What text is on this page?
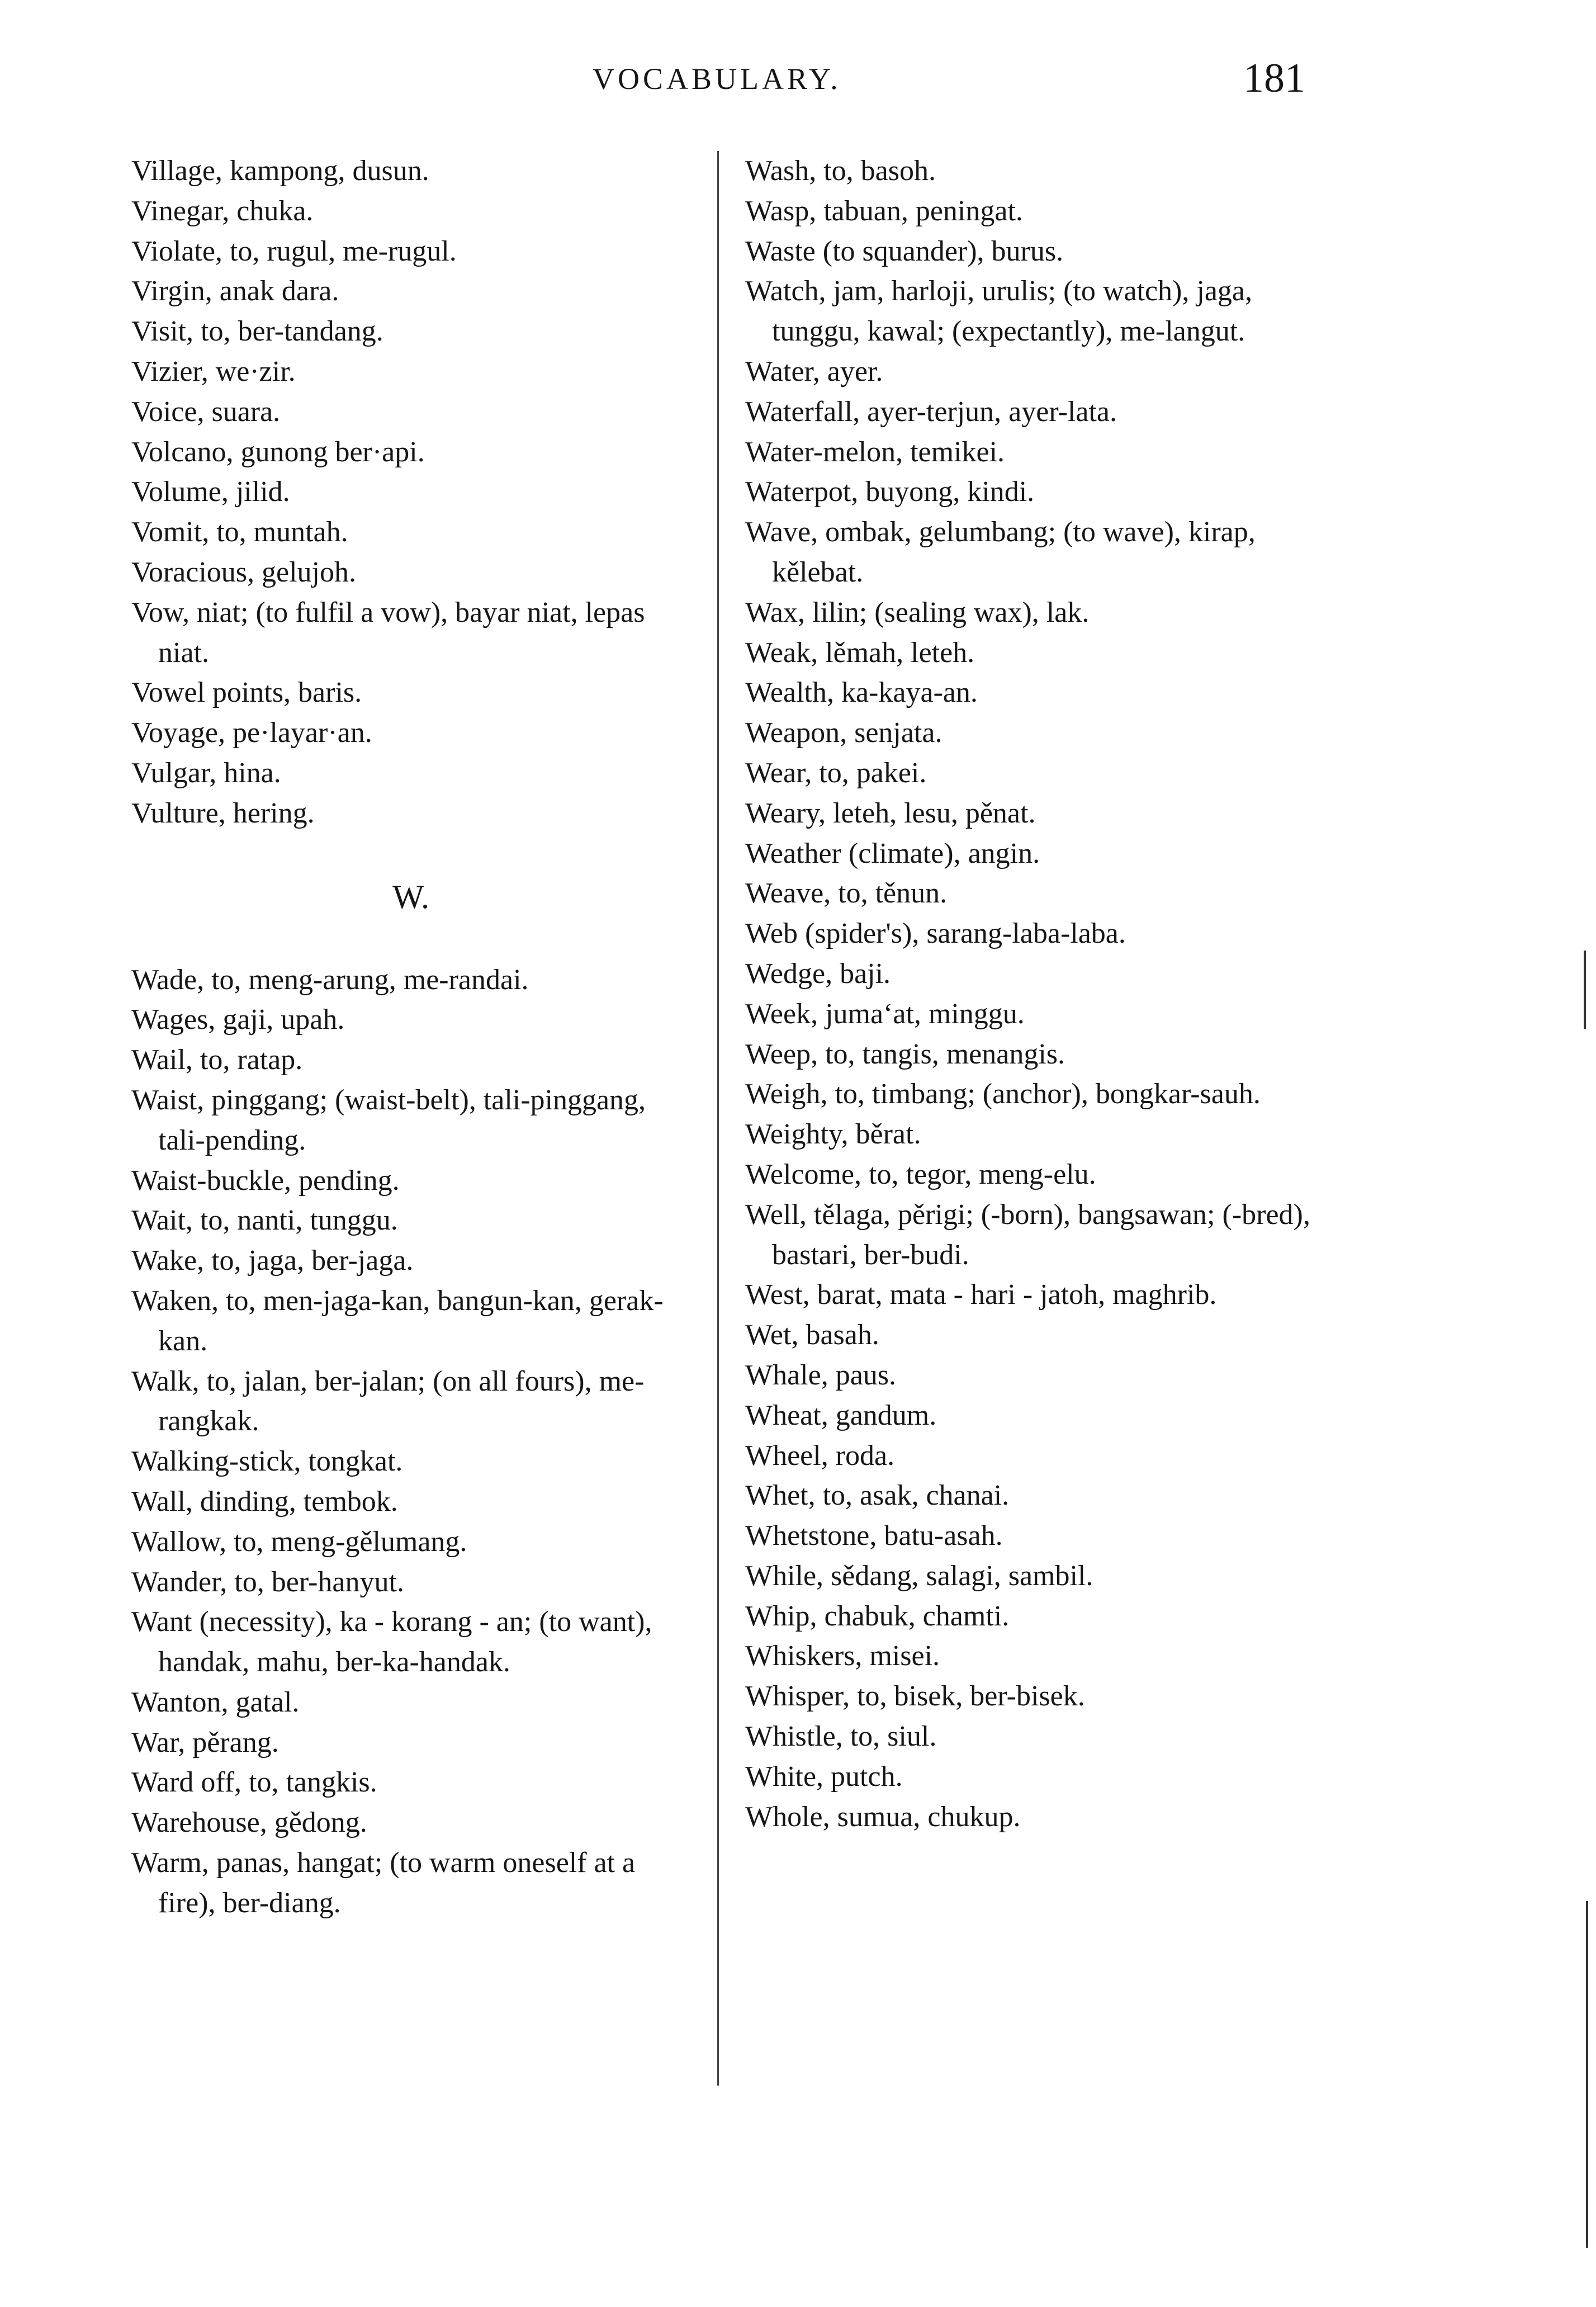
VOCABULARY.	181

Village, kampong, dusun.

Vinegar, chuka.

Violate, to, rugul, me-rugul.

Virgin, anak dara.

Visit, to, ber-tandang.

Vizier, we·zir.

Voice, suara.

Volcano, gunong ber·api.

Volume, jilid.

Vomit, to, muntah.

Voracious, gelujoh.

Vow, niat; (to fulfil a vow), bayar niat, lepas niat.

Vowel points, baris.

Voyage, pe·layar·an.

Vulgar, hina.

Vulture, hering.

W.

Wade, to, meng-arung, me-randai.

Wages, gaji, upah.

Wail, to, ratap.

Waist, pinggang; (waist-belt), tali-pinggang, tali-pending.

Waist-buckle, pending.

Wait, to, nanti, tunggu.

Wake, to, jaga, ber-jaga.

Waken, to, men-jaga-kan, bangun-kan, gerak-kan.

Walk, to, jalan, ber-jalan; (on all fours), me-rangkak.

Walking-stick, tongkat.

Wall, dinding, tembok.

Wallow, to, meng-gělumang.

Wander, to, ber-hanyut.

Want (necessity), ka - korang - an; (to want), handak, mahu, ber-ka-handak.

Wanton, gatal.

War, pěrang.

Ward off, to, tangkis.

Warehouse, gědong.

Warm, panas, hangat; (to warm oneself at a fire), ber-diang.

Wash, to, basoh.

Wasp, tabuan, peningat.

Waste (to squander), burus.

Watch, jam, harloji, urulis; (to watch), jaga, tunggu, kawal; (expectantly), me-langut.

Water, ayer.

Waterfall, ayer-terjun, ayer-lata.

Water-melon, temikei.

Waterpot, buyong, kindi.

Wave, ombak, gelumbang; (to wave), kirap, kělebat.

Wax, lilin; (sealing wax), lak.

Weak, lěmah, leteh.

Wealth, ka-kaya-an.

Weapon, senjata.

Wear, to, pakei.

Weary, leteh, lesu, pěnat.

Weather (climate), angin.

Weave, to, těnun.

Web (spider's), sarang-laba-laba.

Wedge, baji.

Week, juma‘at, minggu.

Weep, to, tangis, menangis.

Weigh, to, timbang; (anchor), bongkar-sauh.

Weighty, běrat.

Welcome, to, tegor, meng-elu.

Well, tělaga, pěrigi; (-born), bangsawan; (-bred), bastari, ber-budi.

West, barat, mata - hari - jatoh, maghrib.

Wet, basah.

Whale, paus.

Wheat, gandum.

Wheel, roda.

Whet, to, asak, chanai.

Whetstone, batu-asah.

While, sědang, salagi, sambil.

Whip, chabuk, chamti.

Whiskers, misei.

Whisper, to, bisek, ber-bisek.

Whistle, to, siul.

White, putch.

Whole, sumua, chukup.
